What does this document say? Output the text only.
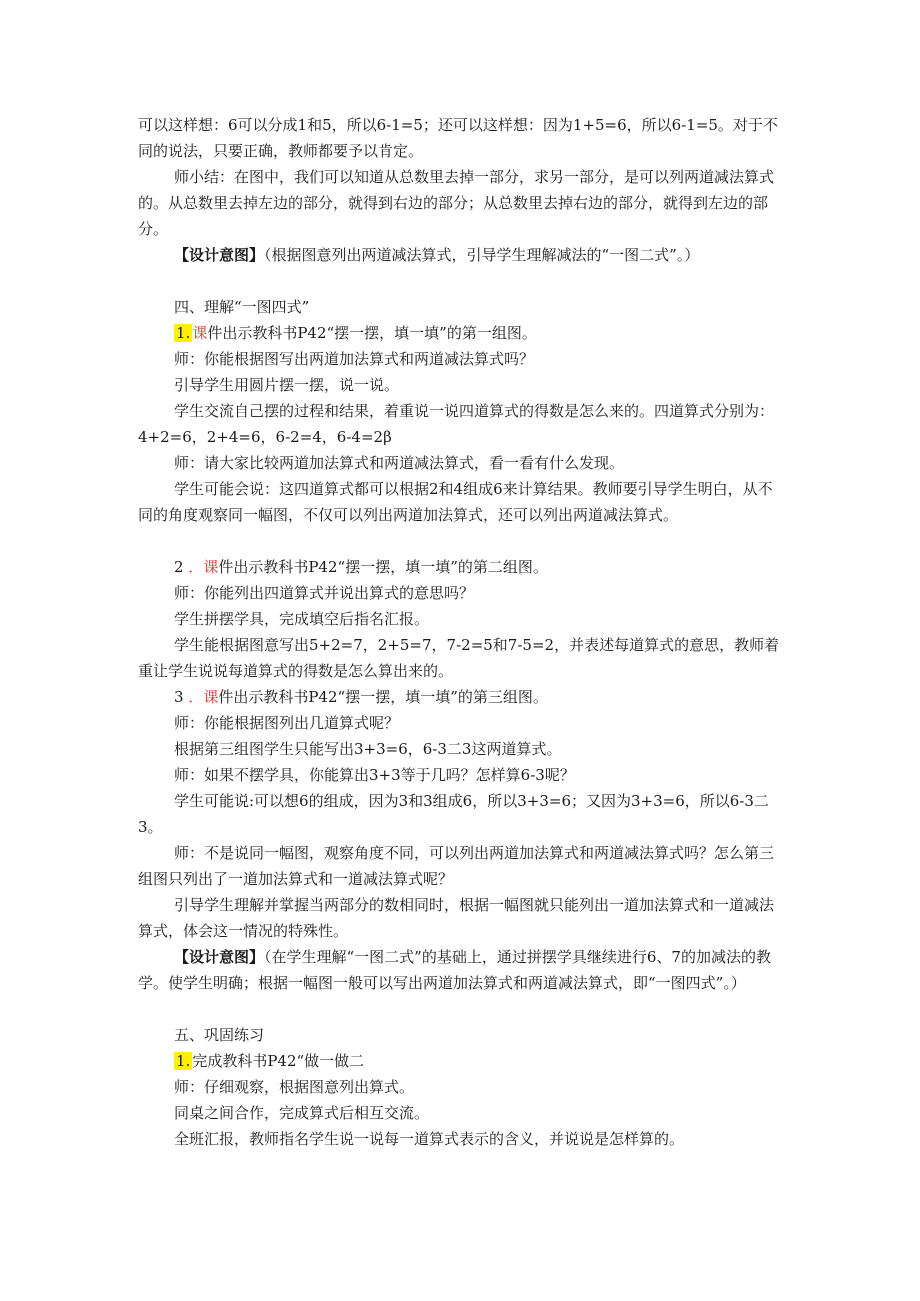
可以这样想：6可以分成1和5，所以6-1=5；还可以这样想：因为1+5=6，所以6-1=5。对于不同的说法，只要正确，教师都要予以肯定。

师小结：在图中，我们可以知道从总数里去掉一部分，求另一部分，是可以列两道减法算式的。从总数里去掉左边的部分，就得到右边的部分；从总数里去掉右边的部分，就得到左边的部分。

【设计意图】（根据图意列出两道减法算式，引导学生理解减法的“一图二式”。）

四、理解“一图四式”

1. 课件出示教科书P42“摆一摆，填一填”的第一组图。

师：你能根据图写出两道加法算式和两道减法算式吗？

引导学生用圆片摆一摆，说一说。

学生交流自己摆的过程和结果，着重说一说四道算式的得数是怎么来的。四道算式分别为：4+2=6，2+4=6，6-2=4，6-4=2β

师：请大家比较两道加法算式和两道减法算式，看一看有什么发现。

学生可能会说：这四道算式都可以根据2和4组成6来计算结果。教师要引导学生明白，从不同的角度观察同一幅图，不仅可以列出两道加法算式，还可以列出两道减法算式。

2 ．课件出示教科书P42“摆一摆，填一填”的第二组图。

师：你能列出四道算式并说出算式的意思吗？

学生拼摆学具，完成填空后指名汇报。

学生能根据图意写出5+2=7，2+5=7，7-2=5和7-5=2，并表述每道算式的意思，教师着重让学生说说每道算式的得数是怎么算出来的。

3 ．课件出示教科书P42“摆一摆，填一填”的第三组图。

师：你能根据图列出几道算式呢？

根据第三组图学生只能写出3+3=6，6-3二3这两道算式。

师：如果不摆学具，你能算出3+3等于几吗？怎样算6-3呢？

学生可能说:可以想6的组成，因为3和3组成6，所以3+3=6；又因为3+3=6，所以6-3二3。

师：不是说同一幅图，观察角度不同，可以列出两道加法算式和两道减法算式吗？怎么第三组图只列出了一道加法算式和一道减法算式呢？

引导学生理解并掌握当两部分的数相同时，根据一幅图就只能列出一道加法算式和一道减法算式，体会这一情况的特殊性。

【设计意图】（在学生理解“一图二式”的基础上，通过拼摆学具继续进行6、7的加减法的教学。使学生明确；根据一幅图一般可以写出两道加法算式和两道减法算式，即“一图四式”。）

五、巩固练习

1. 完成教科书P42“做一做二

师：仔细观察，根据图意列出算式。

同桌之间合作，完成算式后相互交流。

全班汇报，教师指名学生说一说每一道算式表示的含义，并说说是怎样算的。
